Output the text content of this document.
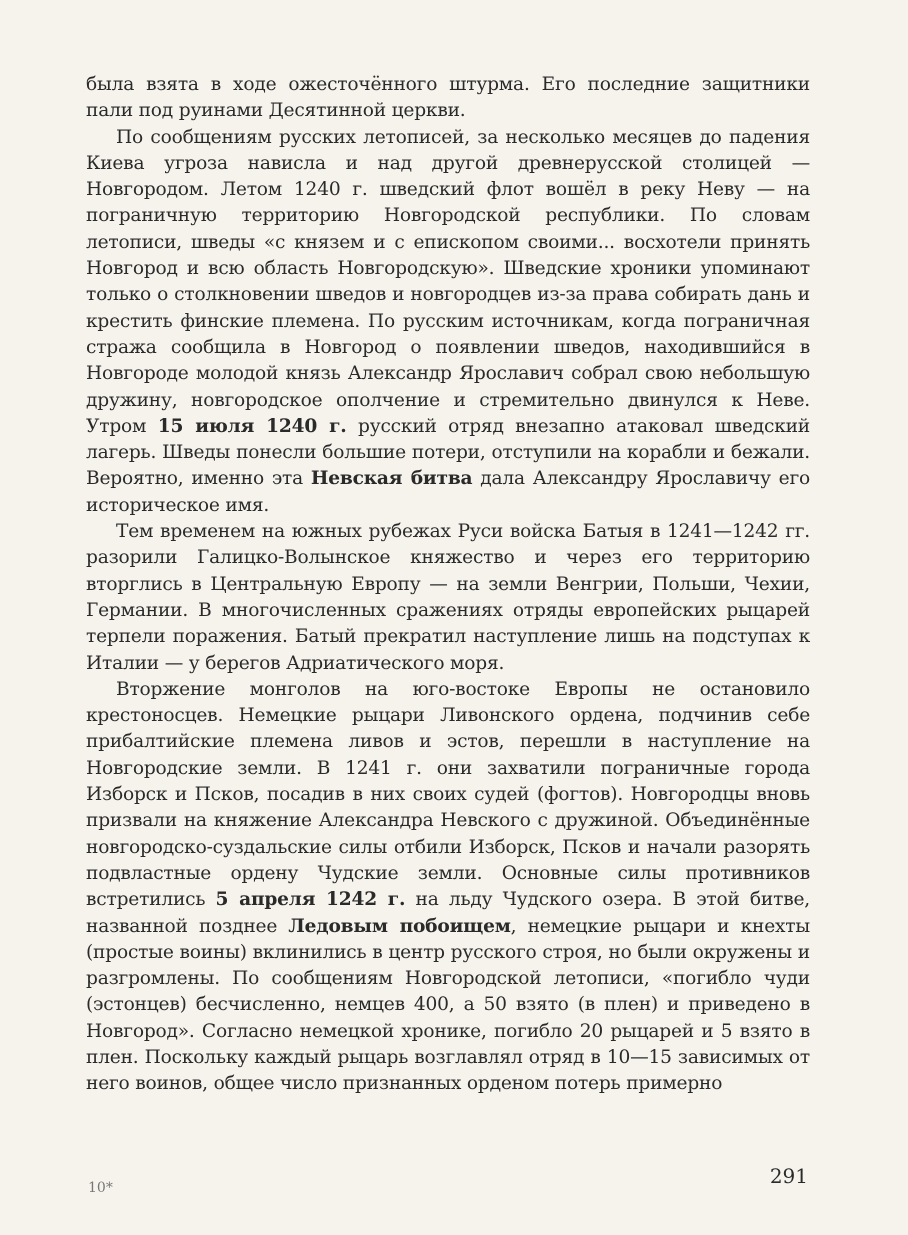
была взята в ходе ожесточённого штурма. Его последние защитники пали под руинами Десятинной церкви.

По сообщениям русских летописей, за несколько месяцев до падения Киева угроза нависла и над другой древнерусской столицей — Новгородом. Летом 1240 г. шведский флот вошёл в реку Неву — на пограничную территорию Новгородской республики. По словам летописи, шведы «с князем и с епископом своими... восхотели принять Новгород и всю область Новгородскую». Шведские хроники упоминают только о столкновении шведов и новгородцев из-за права собирать дань и крестить финские племена. По русским источникам, когда пограничная стража сообщила в Новгород о появлении шведов, находившийся в Новгороде молодой князь Александр Ярославич собрал свою небольшую дружину, новгородское ополчение и стремительно двинулся к Неве. Утром 15 июля 1240 г. русский отряд внезапно атаковал шведский лагерь. Шведы понесли большие потери, отступили на корабли и бежали. Вероятно, именно эта Невская битва дала Александру Ярославичу его историческое имя.

Тем временем на южных рубежах Руси войска Батыя в 1241—1242 гг. разорили Галицко-Волынское княжество и через его территорию вторглись в Центральную Европу — на земли Венгрии, Польши, Чехии, Германии. В многочисленных сражениях отряды европейских рыцарей терпели поражения. Батый прекратил наступление лишь на подступах к Италии — у берегов Адриатического моря.

Вторжение монголов на юго-востоке Европы не остановило крестоносцев. Немецкие рыцари Ливонского ордена, подчинив себе прибалтийские племена ливов и эстов, перешли в наступление на Новгородские земли. В 1241 г. они захватили пограничные города Изборск и Псков, посадив в них своих судей (фогтов). Новгородцы вновь призвали на княжение Александра Невского с дружиной. Объединённые новгородско-суздальские силы отбили Изборск, Псков и начали разорять подвластные ордену Чудские земли. Основные силы противников встретились 5 апреля 1242 г. на льду Чудского озера. В этой битве, названной позднее Ледовым побоищем, немецкие рыцари и кнехты (простые воины) вклинились в центр русского строя, но были окружены и разгромлены. По сообщениям Новгородской летописи, «погибло чуди (эстонцев) бесчисленно, немцев 400, а 50 взято (в плен) и приведено в Новгород». Согласно немецкой хронике, погибло 20 рыцарей и 5 взято в плен. Поскольку каждый рыцарь возглавлял отряд в 10—15 зависимых от него воинов, общее число признанных орденом потерь примерно

291
10*
